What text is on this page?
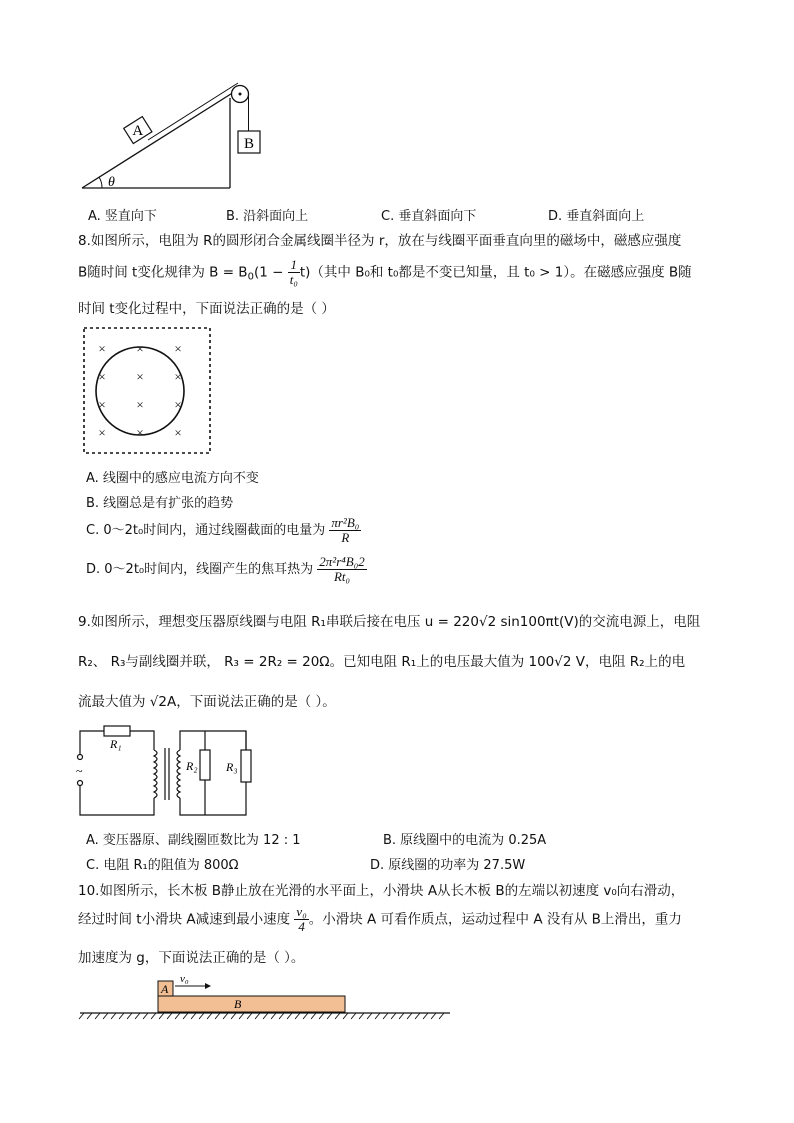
A
B
θ
A. 竖直向下	B. 沿斜面向上	C. 垂直斜面向下	D. 垂直斜面向上
8.如图所示，电阻为 R的圆形闭合金属线圈半径为 r，放在与线圈平面垂直向里的磁场中，磁感应强度
B随时间 t变化规律为 $B = B_0(1 - \frac{1}{\text{t₀}} t)$（其中 B₀和 t₀都是不变已知量，且 t₀ > 1）。在磁感应强度 B随
时间 t变化过程中，下面说法正确的是（ ）
× × ×
× × ×
× × ×
× × ×
A. 线圈中的感应电流方向不变
B. 线圈总是有扩张的趋势
C. 0～2t₀时间内，通过线圈截面的电量为 $\frac{\text{πr²B₀}}{R}$
D. 0～2t₀时间内，线圈产生的焦耳热为 $\frac{\text{2π²r⁴B₀2}}{\text{Rt₀}}$
9.如图所示，理想变压器原线圈与电阻 R₁串联后接在电压 u = 220√2 sin100πt(V)的交流电源上，电阻
R₂、 R₃与副线圈并联， R₃ = 2R₂ = 20Ω。已知电阻 R₁上的电压最大值为 100√2 V，电阻 R₂上的电
流最大值为 √2A，下面说法正确的是（ ）。
~
R₁
R₂ R₃
A. 变压器原、副线圈匝数比为 12 : 1	B. 原线圈中的电流为 0.25A
C. 电阻 R₁的阻值为 800Ω	D. 原线圈的功率为 27.5W
10.如图所示，长木板 B静止放在光滑的水平面上，小滑块 A从长木板 B的左端以初速度 v₀向右滑动，
经过时间 t小滑块 A减速到最小速度 $\frac{\text{v₀}}{4}$ 。小滑块 A 可看作质点，运动过程中 A 没有从 B上滑出，重力
加速度为 g，下面说法正确的是（ ）。
B
A
v₀
